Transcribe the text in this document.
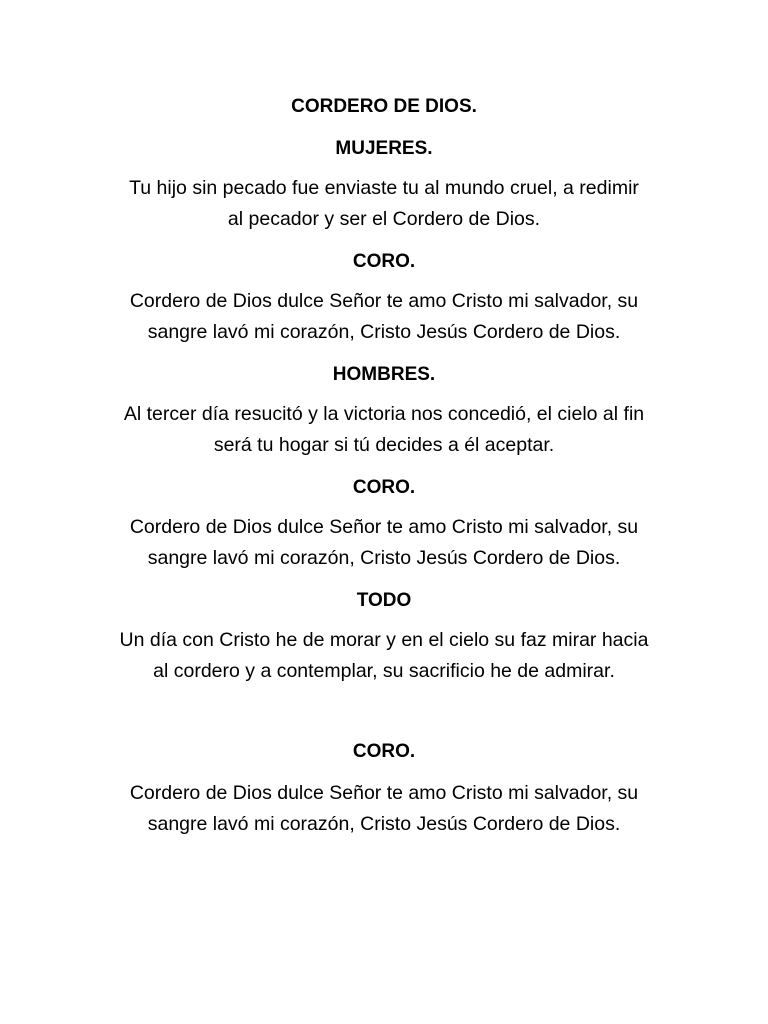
CORDERO DE DIOS.

MUJERES.

Tu hijo sin pecado fue enviaste tu al mundo cruel, a redimir
al pecador y ser el Cordero de Dios.

CORO.

Cordero de Dios dulce Señor te amo Cristo mi salvador, su
sangre lavó mi corazón, Cristo Jesús Cordero de Dios.

HOMBRES.

Al tercer día resucitó y la victoria nos concedió, el cielo al fin
será tu hogar si tú decides a él aceptar.

CORO.

Cordero de Dios dulce Señor te amo Cristo mi salvador, su
sangre lavó mi corazón, Cristo Jesús Cordero de Dios.

TODO

Un día con Cristo he de morar y en el cielo su faz mirar hacia
al cordero y a contemplar, su sacrificio he de admirar.

CORO.

Cordero de Dios dulce Señor te amo Cristo mi salvador, su
sangre lavó mi corazón, Cristo Jesús Cordero de Dios.
